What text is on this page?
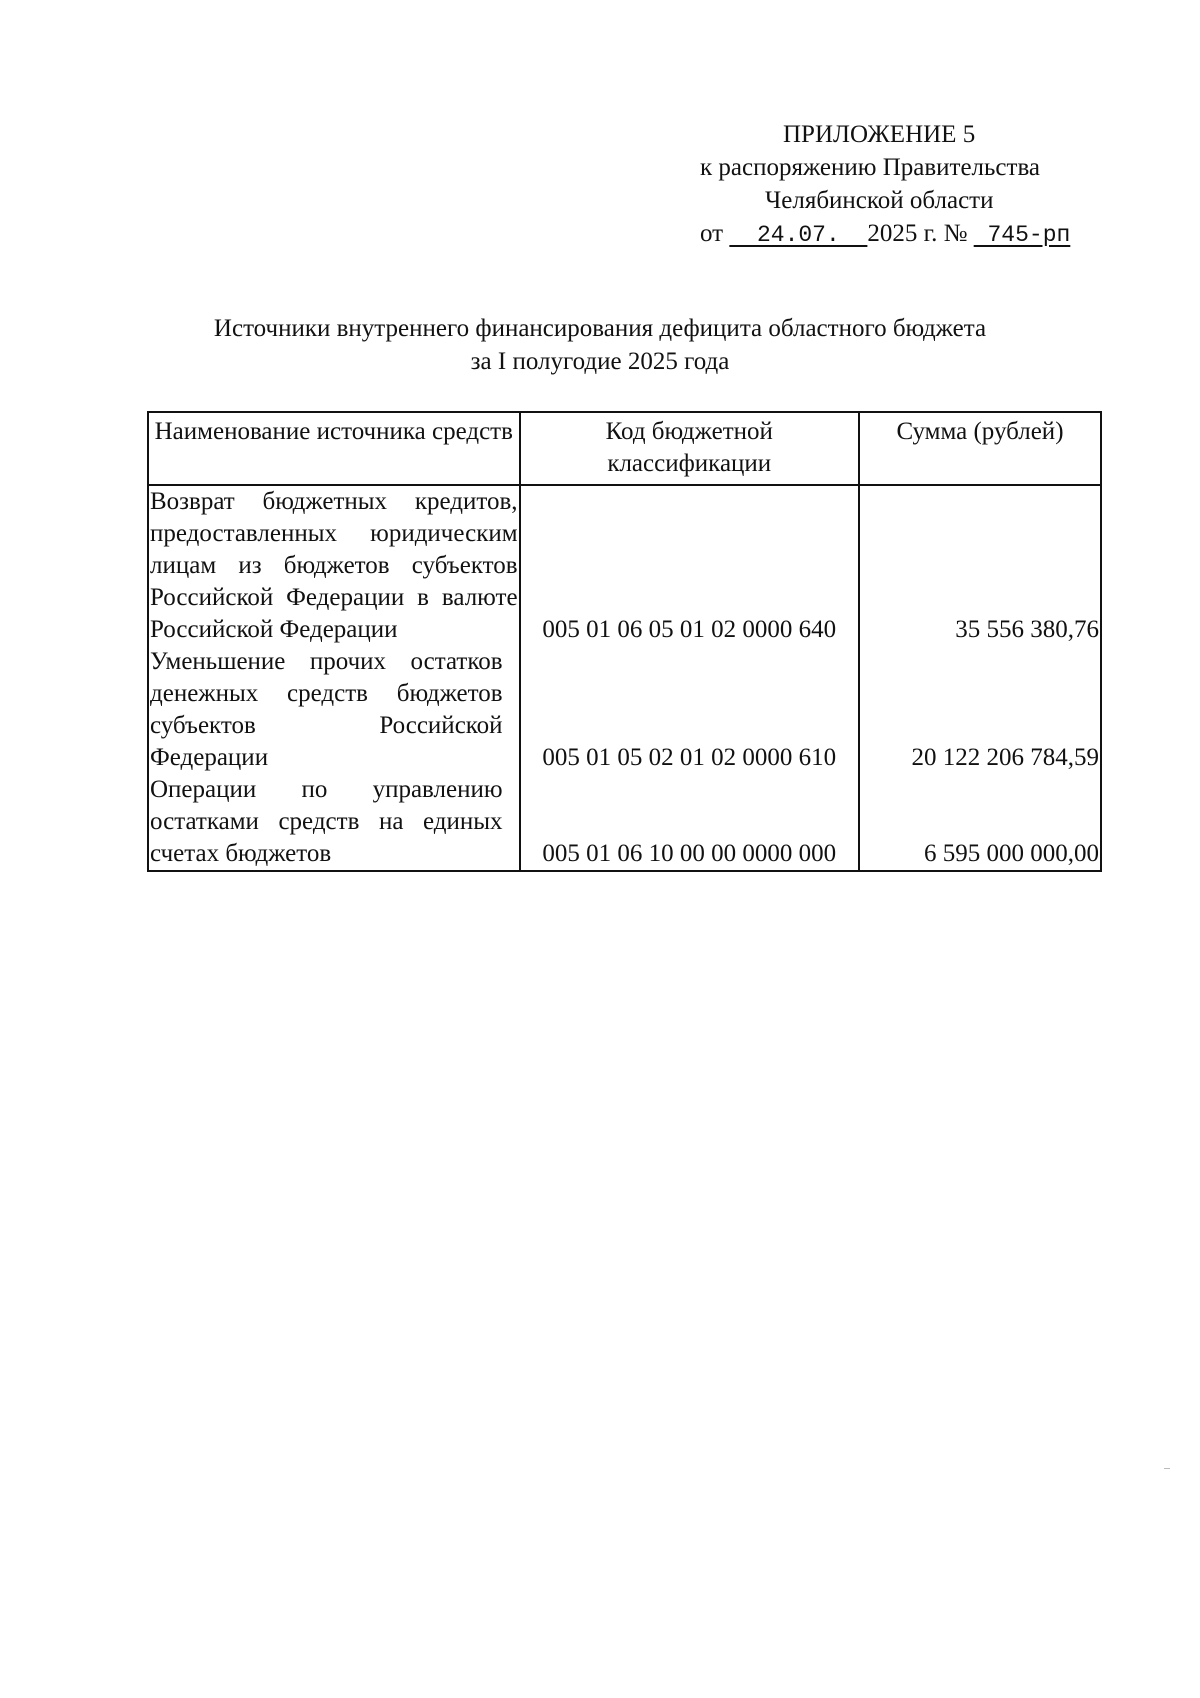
ПРИЛОЖЕНИЕ 5
к распоряжению Правительства
Челябинской области
от   24.07.  2025 г. №  745-рп
Источники внутреннего финансирования дефицита областного бюджета
за I полугодие 2025 года
Наименование источника средств	Код бюджетной классификации	Сумма (рублей)
Возврат бюджетных кредитов, предоставленных юридическим лицам из бюджетов субъектов Российской Федерации в валюте Российской Федерации	005 01 06 05 01 02 0000 640	35 556 380,76
Уменьшение прочих остатков денежных средств бюджетов субъектов Российской Федерации	005 01 05 02 01 02 0000 610	20 122 206 784,59
Операции по управлению остатками средств на единых счетах бюджетов	005 01 06 10 00 00 0000 000	6 595 000 000,00
